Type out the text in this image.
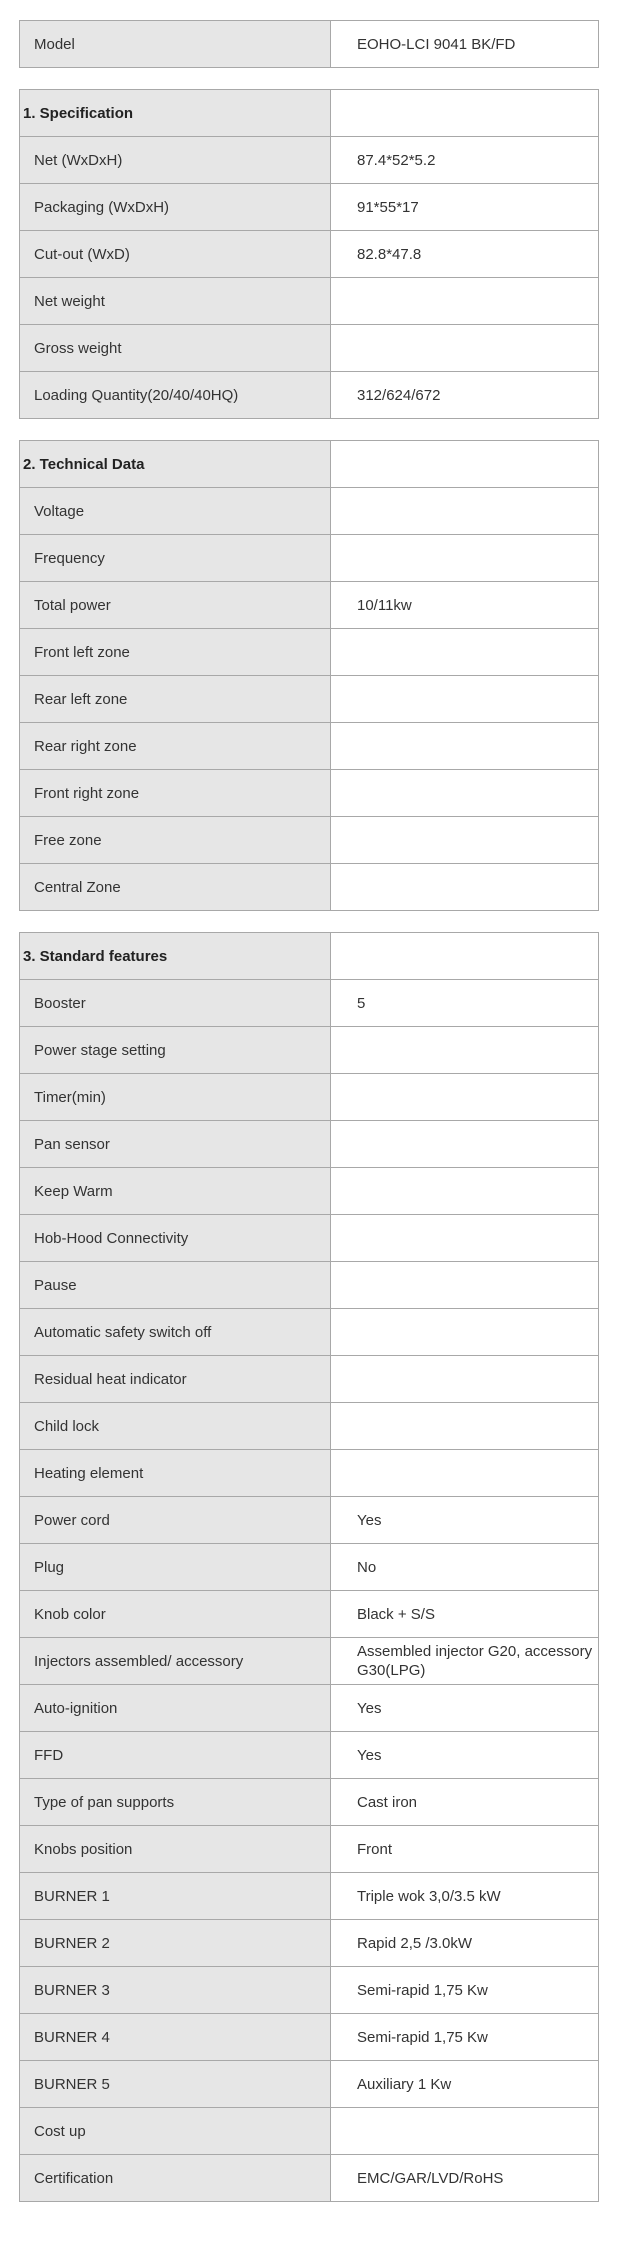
Model	EOHO-LCI 9041 BK/FD
1. Specification	
Net (WxDxH)	87.4*52*5.2
Packaging (WxDxH)	91*55*17
Cut-out (WxD)	82.8*47.8
Net weight	
Gross weight	
Loading Quantity(20/40/40HQ)	312/624/672
2. Technical Data	
Voltage	
Frequency	
Total power	10/11kw
Front left zone	
Rear left zone	
Rear right zone	
Front right zone	
Free zone	
Central Zone	
3. Standard features	
Booster	5
Power stage setting	
Timer(min)	
Pan sensor	
Keep Warm	
Hob-Hood Connectivity	
Pause	
Automatic safety switch off	
Residual heat indicator	
Child lock	
Heating element	
Power cord	Yes
Plug	No
Knob color	Black + S/S
Injectors assembled/ accessory	Assembled injector G20, accessory G30(LPG)
Auto-ignition	Yes
FFD	Yes
Type of pan supports	Cast iron
Knobs position	Front
BURNER 1	Triple wok 3,0/3.5 kW
BURNER 2	Rapid 2,5 /3.0kW
BURNER 3	Semi-rapid 1,75 Kw
BURNER 4	Semi-rapid 1,75 Kw
BURNER 5	Auxiliary 1 Kw
Cost up	
Certification	EMC/GAR/LVD/RoHS
